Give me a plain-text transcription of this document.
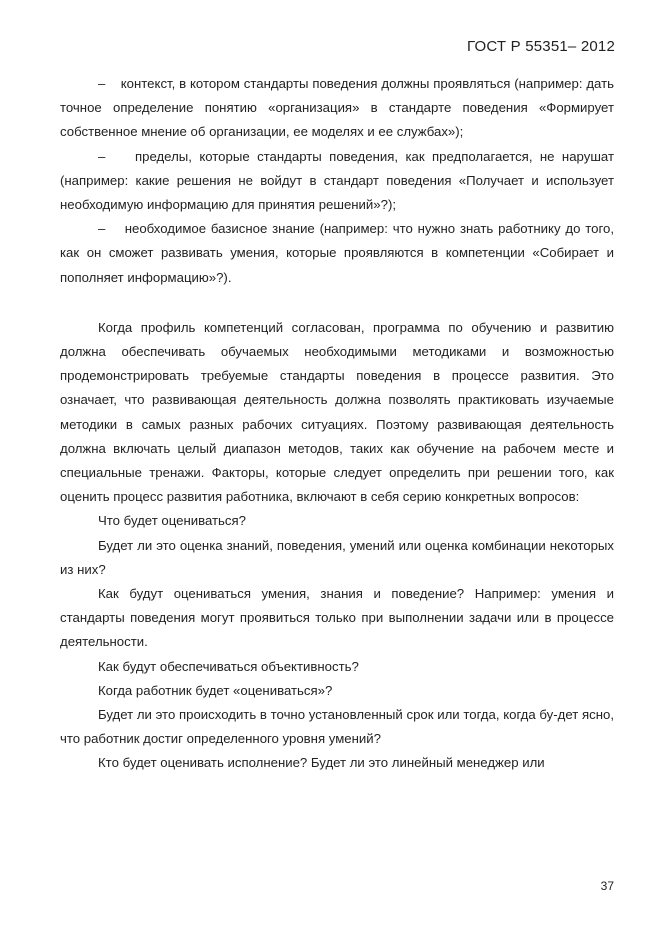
ГОСТ Р 55351– 2012

–    контекст, в котором стандарты поведения должны проявляться (например: дать точное определение понятию «организация» в стандарте поведения «Формирует собственное мнение об организации, ее моделях и ее службах»);

–    пределы, которые стандарты поведения, как предполагается, не нарушат (например: какие решения не войдут в стандарт поведения «Получает и использует необходимую информацию для принятия решений»?);

–    необходимое базисное знание (например: что нужно знать работнику до того, как он сможет развивать умения, которые проявляются в компетенции «Собирает и пополняет информацию»?).

Когда профиль компетенций согласован, программа по обучению и развитию должна обеспечивать обучаемых необходимыми методиками и возможностью продемонстрировать требуемые стандарты поведения в процессе развития. Это означает, что развивающая деятельность должна позволять практиковать изучаемые методики в самых разных рабочих ситуациях. Поэтому развивающая деятельность должна включать целый диапазон методов, таких как обучение на рабочем месте и специальные тренажи. Факторы, которые следует определить при решении того, как оценить процесс развития работника, включают в себя серию конкретных вопросов:

Что будет оцениваться?

Будет ли это оценка знаний, поведения, умений или оценка комбинации некоторых из них?

Как будут оцениваться умения, знания и поведение? Например: умения и стандарты поведения могут проявиться только при выполнении задачи или в процессе деятельности.

Как будут обеспечиваться объективность?

Когда работник будет «оцениваться»?

Будет ли это происходить в точно установленный срок или тогда, когда бу-дет ясно, что работник достиг определенного уровня умений?

Кто будет оценивать исполнение? Будет ли это линейный менеджер или

37
